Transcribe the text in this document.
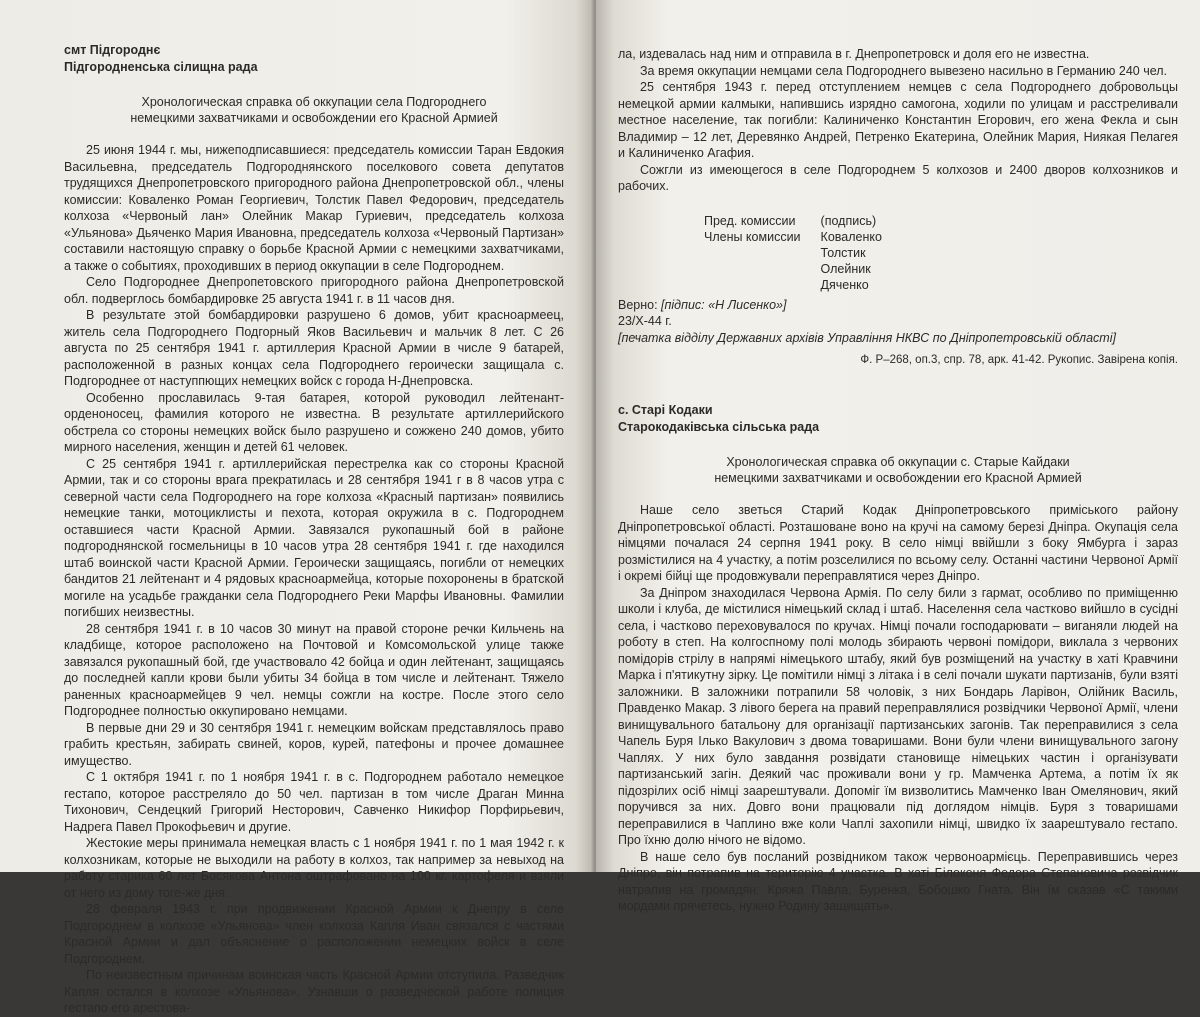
смт Підгороднє
Підгородненська сілищна рада
Хронологическая справка об оккупации села Подгороднего
немецкими захватчиками и освобождении его Красной Армией

25 июня 1944 г. мы, нижеподписавшиеся: председатель комиссии Таран Евдокия Васильевна, председатель Подгороднянского поселкового совета депутатов трудящихся Днепропетровского пригородного района Днепропетровской обл., члены комиссии: Коваленко Роман Георгиевич, Толстик Павел Федорович, председатель колхоза «Червоный лан» Олейник Макар Гуриевич, председатель колхоза «Ульянова» Дьяченко Мария Ивановна, председатель колхоза «Червоный Партизан» составили настоящую справку о борьбе Красной Армии с немецкими захватчиками, а также о событиях, проходивших в период оккупации в селе Подгороднем.

Село Подгороднее Днепропетовского пригородного района Днепропетровской обл. подверглось бомбардировке 25 августа 1941 г. в 11 часов дня.

В результате этой бомбардировки разрушено 6 домов, убит красноармеец, житель села Подгороднего Подгорный Яков Васильевич и мальчик 8 лет. С 26 августа по 25 сентября 1941 г. артиллерия Красной Армии в числе 9 батарей, расположенной в разных концах села Подгороднего героически защищала с. Подгороднее от наступпющих немецких войск с города Н-Днепровска.

Особенно прославилась 9-тая батарея, которой руководил лейтенант-орденоносец, фамилия которого не известна. В результате артиллерийского обстрела со стороны немецких войск было разрушено и сожжено 240 домов, убито мирного населения, женщин и детей 61 человек.

С 25 сентября 1941 г. артиллерийская перестрелка как со стороны Красной Армии, так и со стороны врага прекратилась и 28 сентября 1941 г в 8 часов утра с северной части села Подгороднего на горе колхоза «Красный партизан» появились немецкие танки, мотоциклисты и пехота, которая окружила в с. Подгороднем оставшиеся части Красной Армии. Завязался рукопашный бой в районе подгороднянской госмельницы в 10 часов утра 28 сентября 1941 г. где находился штаб воинской части Красной Армии. Героически защищаясь, погибли от немецких бандитов 21 лейтенант и 4 рядовых красноармейца, которые похоронены в братской могиле на усадьбе гражданки села Подгороднего Реки Марфы Ивановны. Фамилии погибших неизвестны.

28 сентября 1941 г. в 10 часов 30 минут на правой стороне речки Кильчень на кладбище, которое расположено на Почтовой и Комсомольской улице также завязался рукопашный бой, где участвовало 42 бойца и один лейтенант, защищаясь до последней капли крови были убиты 34 бойца в том числе и лейтенант. Тяжело раненных красноармейцев 9 чел. немцы сожгли на костре. После этого село Подгороднее полностью оккупировано немцами.

В первые дни 29 и 30 сентября 1941 г. немецким войскам представлялось право грабить крестьян, забирать свиней, коров, курей, патефоны и прочее домашнее имущество.

С 1 октября 1941 г. по 1 ноября 1941 г. в с. Подгороднем работало немецкое гестапо, которое расстреляло до 50 чел. партизан в том числе Драган Минна Тихонович, Сендецкий Григорий Несторович, Савченко Никифор Порфирьевич, Надрега Павел Прокофьевич и другие.

Жестокие меры принимала немецкая власть с 1 ноября 1941 г. по 1 мая 1942 г. к колхозникам, которые не выходили на работу в колхоз, так например за невыход на работу старика 60 лет Босякова Антона оштрафовано на 100 кг. картофеля и взяли от него из дому тоге-же дня.

28 февраля 1943 г. при продвижении Красной Армии к Днепру в селе Подгороднем в колхозе «Ульянова» член колхоза Капля Иван связался с частями Красной Армии и дал объяснение о расположении немецких войск в селе Подгороднем.

По неизвестным причинам воинская часть Красной Армии отступила. Разведчик Капля остался в колхозе «Ульянова». Узнавши о разведческой работе полиция гестапо его арестова-

ла, издевалась над ним и отправила в г. Днепропетровск и доля его не известна.

За время оккупации немцами села Подгороднего вывезено насильно в Германию 240 чел.

25 сентября 1943 г. перед отступлением немцев с села Подгороднего добровольцы немецкой армии калмыки, напившись изрядно самогона, ходили по улицам и расстреливали местное население, так погибли: Калиниченко Константин Егорович, его жена Фекла и сын Владимир – 12 лет, Деревянко Андрей, Петренко Екатерина, Олейник Мария, Ниякая Пелагея и Калиниченко Агафия.

Сожгли из имеющегося в селе Подгороднем 5 колхозов и 2400 дворов колхозников и рабочих.

Пред. комиссии	(подпись)
Члены комиссии	Коваленко
	Толстик
	Олейник
	Дяченко
Верно: [підпис: «Н Лисенко»]
23/Х-44 г.
[печатка відділу Державних архівів Управління НКВС по Дніпропетровській області]
Ф. Р–268, оп.3, спр. 78, арк. 41-42. Рукопис. Завірена копія.
с. Старі Кодаки
Старокодаківська сільська рада
Хронологическая справка об оккупации с. Старые Кайдаки
немецкими захватчиками и освобождении его Красной Армией

Наше село зветься Старий Кодак Дніпропетровського приміського району Дніпропетровської області. Розташоване воно на кручі на самому березі Дніпра. Окупація села німцями почалася 24 серпня 1941 року. В село німці ввійшли з боку Ямбурга і зараз розмістилися на 4 участку, а потім розселилися по всьому селу. Останні частини Червоної Армії і окремі бійці ще продовжували переправлятися через Дніпро.

За Дніпром знаходилася Червона Армія. По селу били з гармат, особливо по приміщенню школи і клуба, де містилися німецький склад і штаб. Населення села частково вийшло в сусідні села, і частково переховувалося по кручах. Німці почали господарювати – виганяли людей на роботу в степ. На колгоспному полі молодь збирають червоні помідори, виклала з червоних помідорів стрілу в напрямі німецького штабу, який був розміщений на участку в хаті Кравчини Марка і п'ятикутну зірку. Це помітили німці з літака і в селі почали шукати партизанів, були взяті заложники. В заложники потрапили 58 чоловік, з них Бондарь Ларівон, Олійник Василь, Правденко Макар. З лівого берега на правий переправлялися розвідчики Червоної Армії, члени винищувального батальону для організації партизанських загонів. Так переправилися з села Чапель Буря Ілько Вакулович з двома товаришами. Вони були члени винищувального загону Чаплях. У них було завдання розвідати становище німецьких частин і організувати партизанський загін. Деякий час проживали вони у гр. Мамченка Артема, а потім їх як підозрілих осіб німці заарештували. Допоміг їм визволитись Мамченко Іван Омелянович, який поручився за них. Довго вони працювали під доглядом німців. Буря з товаришами переправилися в Чаплино вже коли Чаплі захопили німці, швидко їх заарештувало гестапо. Про їхню долю нічого не відомо.

В наше село був посланий розвідником також червоноармієць. Переправившись через Дніпро, він потрапив на територію 4 участка. В хаті Білоконя Федора Степановича розвідчик натрапив на громадян: Кряжа Павла, Буренка, Бобошко Гната. Він їм сказав «С такими мордами прячетесь, нужно Родину защищать».
